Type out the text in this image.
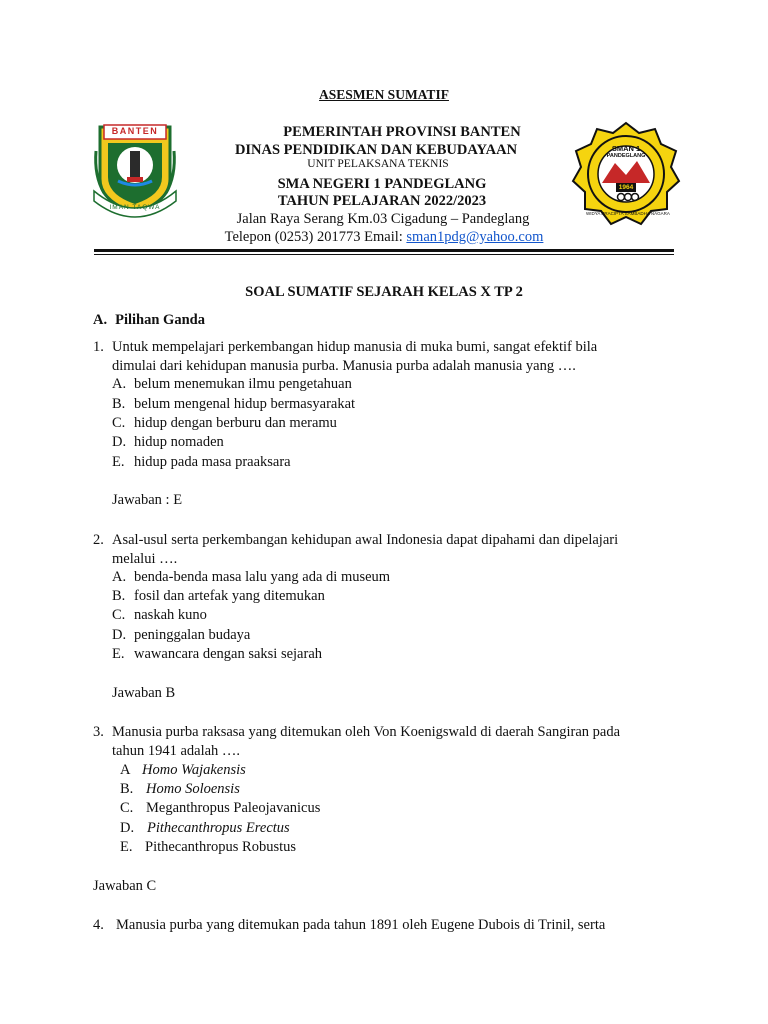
ASESMEN SUMATIF
BANTEN
IMAN TAQWA
SMAN 1
PANDEGLANG
1964
WIDYA PRACIPTA SAMBADHA NAGARA
PEMERINTAH PROVINSI BANTEN
DINAS PENDIDIKAN DAN KEBUDAYAAN
UNIT PELAKSANA TEKNIS
SMA NEGERI 1 PANDEGLANG
TAHUN PELAJARAN 2022/2023
Jalan Raya Serang Km.03 Cigadung – Pandeglang
Telepon (0253) 201773 Email: sman1pdg@yahoo.com
SOAL SUMATIF SEJARAH KELAS X TP 2
A. Pilihan Ganda
1. Untuk mempelajari perkembangan hidup manusia di muka bumi, sangat efektif bila
dimulai dari kehidupan manusia purba. Manusia purba adalah manusia yang ….
A. belum menemukan ilmu pengetahuan
B. belum mengenal hidup bermasyarakat
C. hidup dengan berburu dan meramu
D. hidup nomaden
E. hidup pada masa praaksara
Jawaban : E
2. Asal-usul serta perkembangan kehidupan awal Indonesia dapat dipahami dan dipelajari
melalui ….
A. benda-benda masa lalu yang ada di museum
B. fosil dan artefak yang ditemukan
C. naskah kuno
D. peninggalan budaya
E. wawancara dengan saksi sejarah
Jawaban B
3. Manusia purba raksasa yang ditemukan oleh Von Koenigswald di daerah Sangiran pada
tahun 1941 adalah ….
A Homo Wajakensis
B. Homo Soloensis
C. Meganthropus Paleojavanicus
D. Pithecanthropus Erectus
E. Pithecanthropus Robustus
Jawaban C
4. Manusia purba yang ditemukan pada tahun 1891 oleh Eugene Dubois di Trinil, serta
